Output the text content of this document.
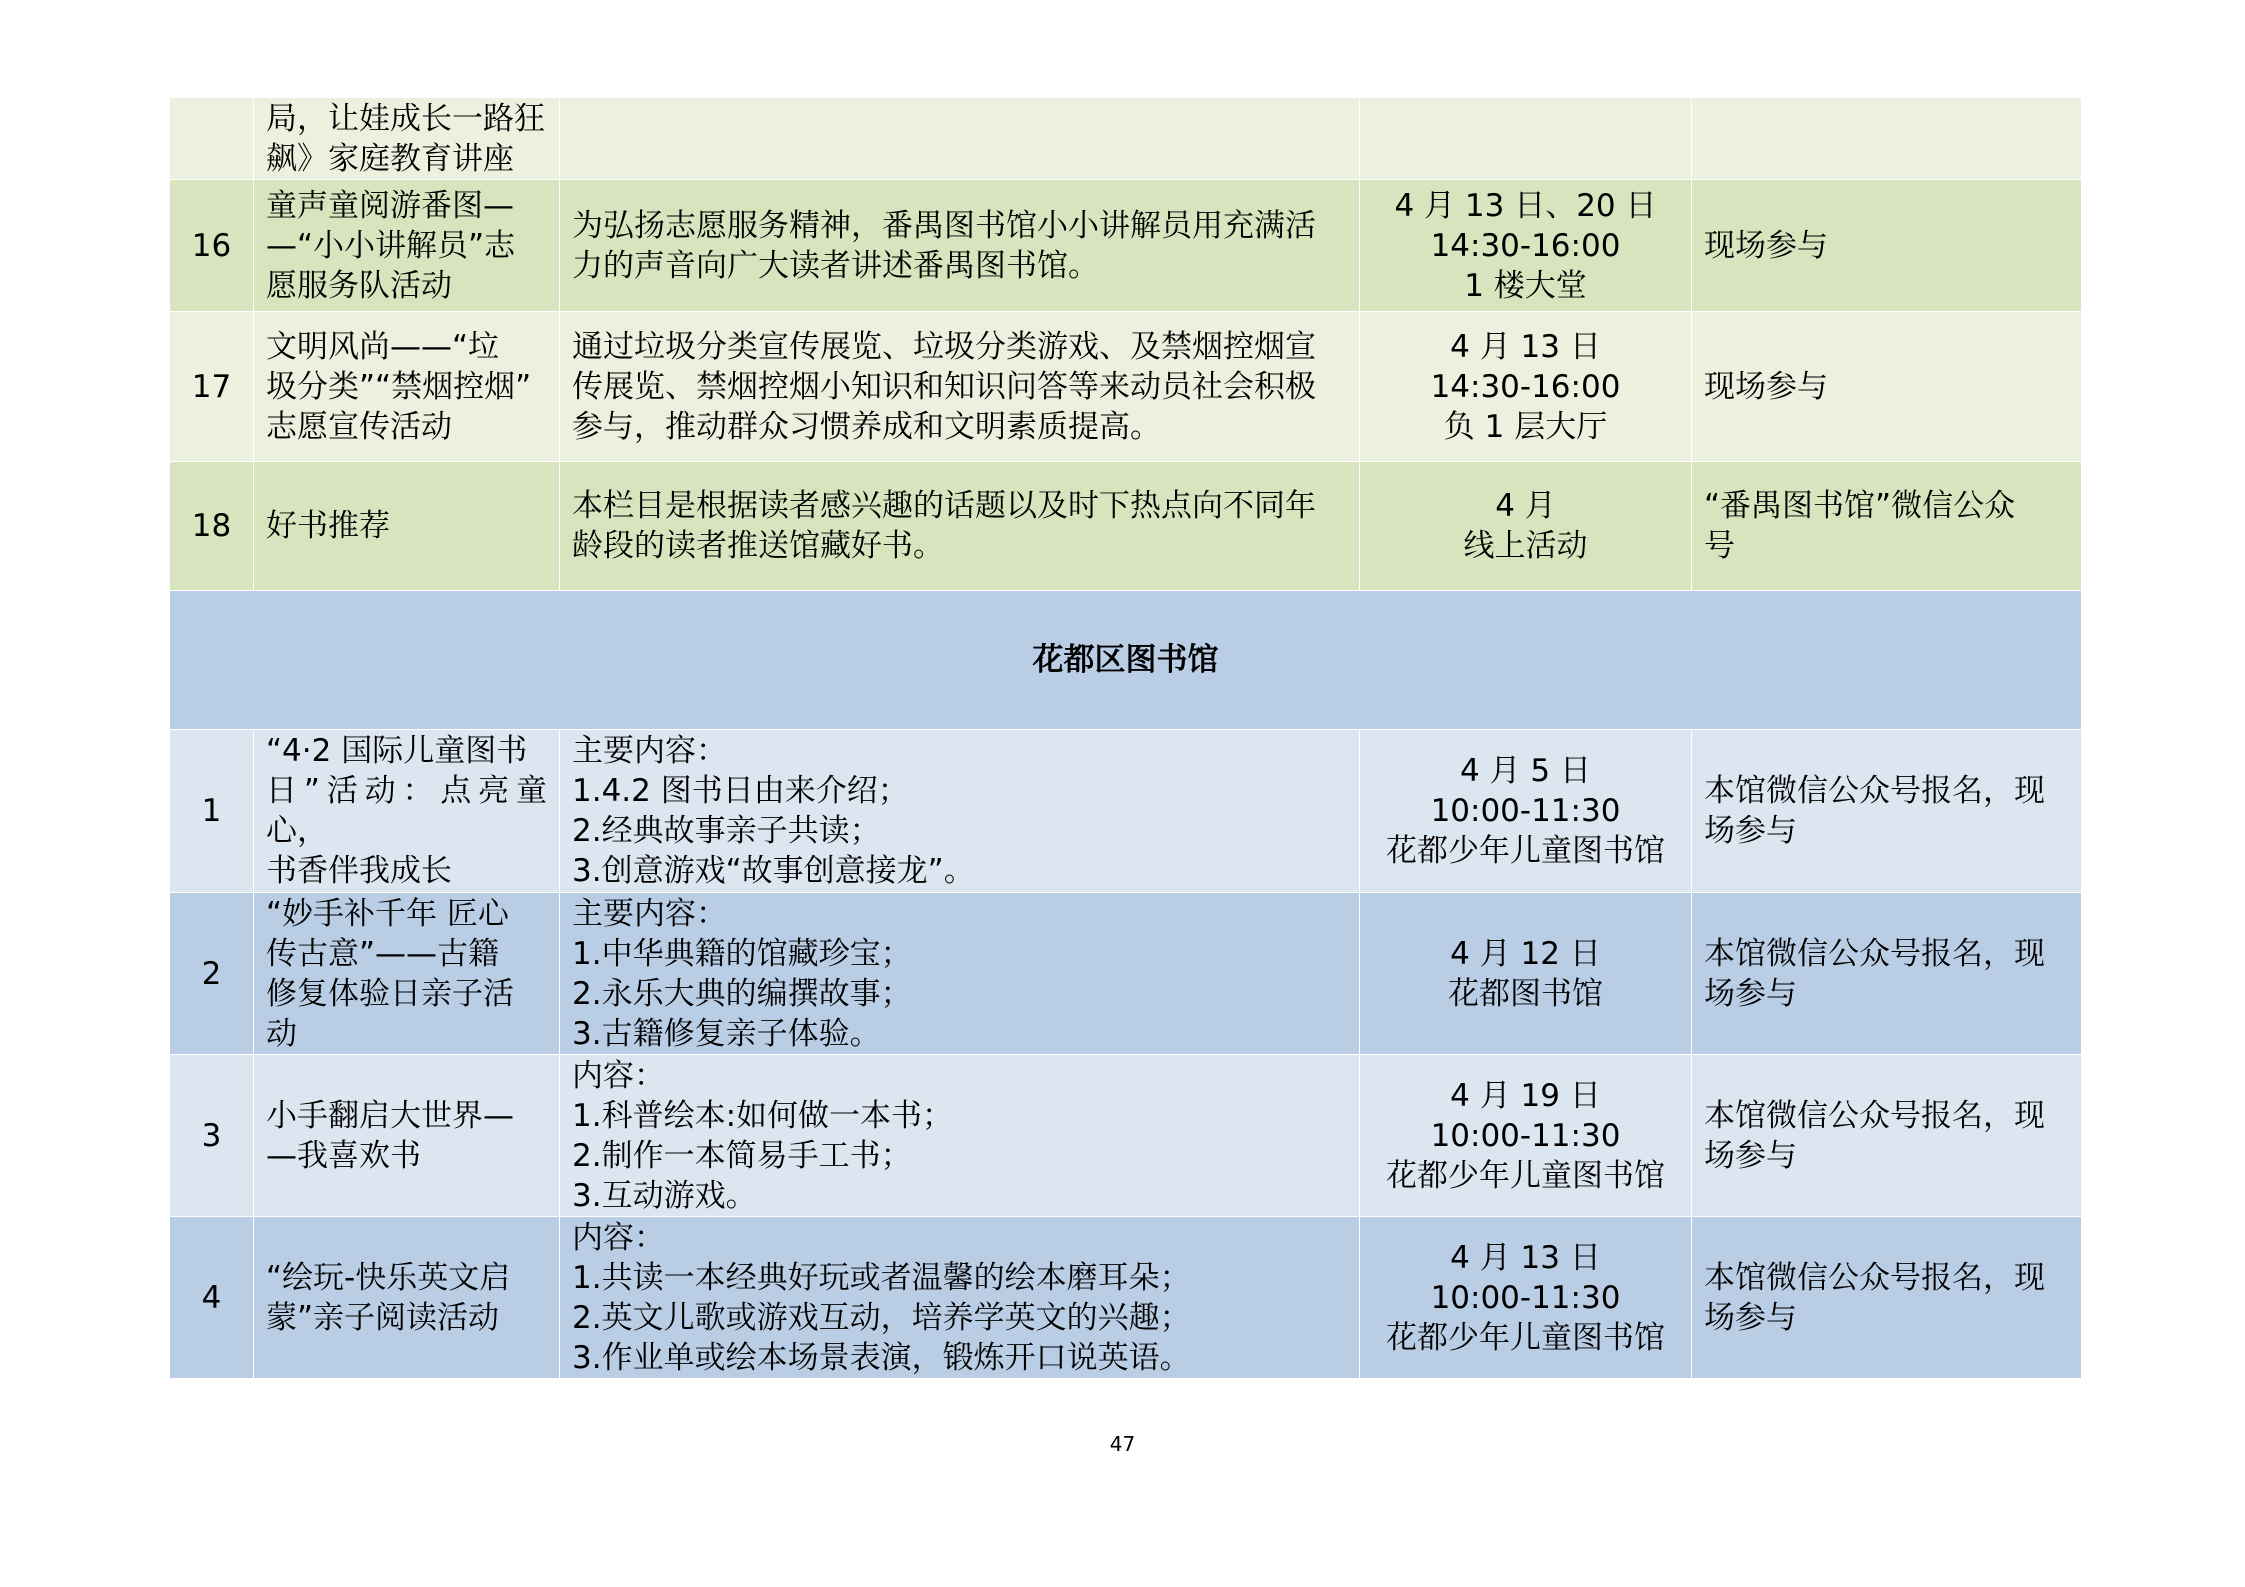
	局，让娃成长一路狂
飙》家庭教育讲座			

16	童声童阅游番图—
—“小小讲解员”志
愿服务队活动	为弘扬志愿服务精神，番禺图书馆小小讲解员用充满活
力的声音向广大读者讲述番禺图书馆。	4 月 13 日、20 日
14:30-16:00
1 楼大堂	现场参与

17	文明风尚——“垃
圾分类”“禁烟控烟”
志愿宣传活动	通过垃圾分类宣传展览、垃圾分类游戏、及禁烟控烟宣
传展览、禁烟控烟小知识和知识问答等来动员社会积极
参与，推动群众习惯养成和文明素质提高。	4 月 13 日
14:30-16:00
负 1 层大厅	现场参与

18	好书推荐	本栏目是根据读者感兴趣的话题以及时下热点向不同年
龄段的读者推送馆藏好书。	4 月
线上活动	“番禺图书馆”微信公众
号

花都区图书馆				
1	“4·2 国际儿童图书
日”活动：点亮童心，
书香伴我成长	主要内容：
1.4.2 图书日由来介绍；
2.经典故事亲子共读；
3.创意游戏“故事创意接龙”。	4 月 5 日
10:00-11:30
花都少年儿童图书馆	本馆微信公众号报名，现
场参与

2	“妙手补千年 匠心
传古意”——古籍
修复体验日亲子活
动	主要内容：
1.中华典籍的馆藏珍宝；
2.永乐大典的编撰故事；
3.古籍修复亲子体验。	4 月 12 日
花都图书馆	本馆微信公众号报名，现
场参与

3	小手翻启大世界—
—我喜欢书	内容：
1.科普绘本:如何做一本书；
2.制作一本简易手工书；
3.互动游戏。	4 月 19 日
10:00-11:30
花都少年儿童图书馆	本馆微信公众号报名，现
场参与

4	“绘玩-快乐英文启
蒙”亲子阅读活动	内容：
1.共读一本经典好玩或者温馨的绘本磨耳朵；
2.英文儿歌或游戏互动，培养学英文的兴趣；
3.作业单或绘本场景表演，锻炼开口说英语。	4 月 13 日
10:00-11:30
花都少年儿童图书馆	本馆微信公众号报名，现
场参与
47
